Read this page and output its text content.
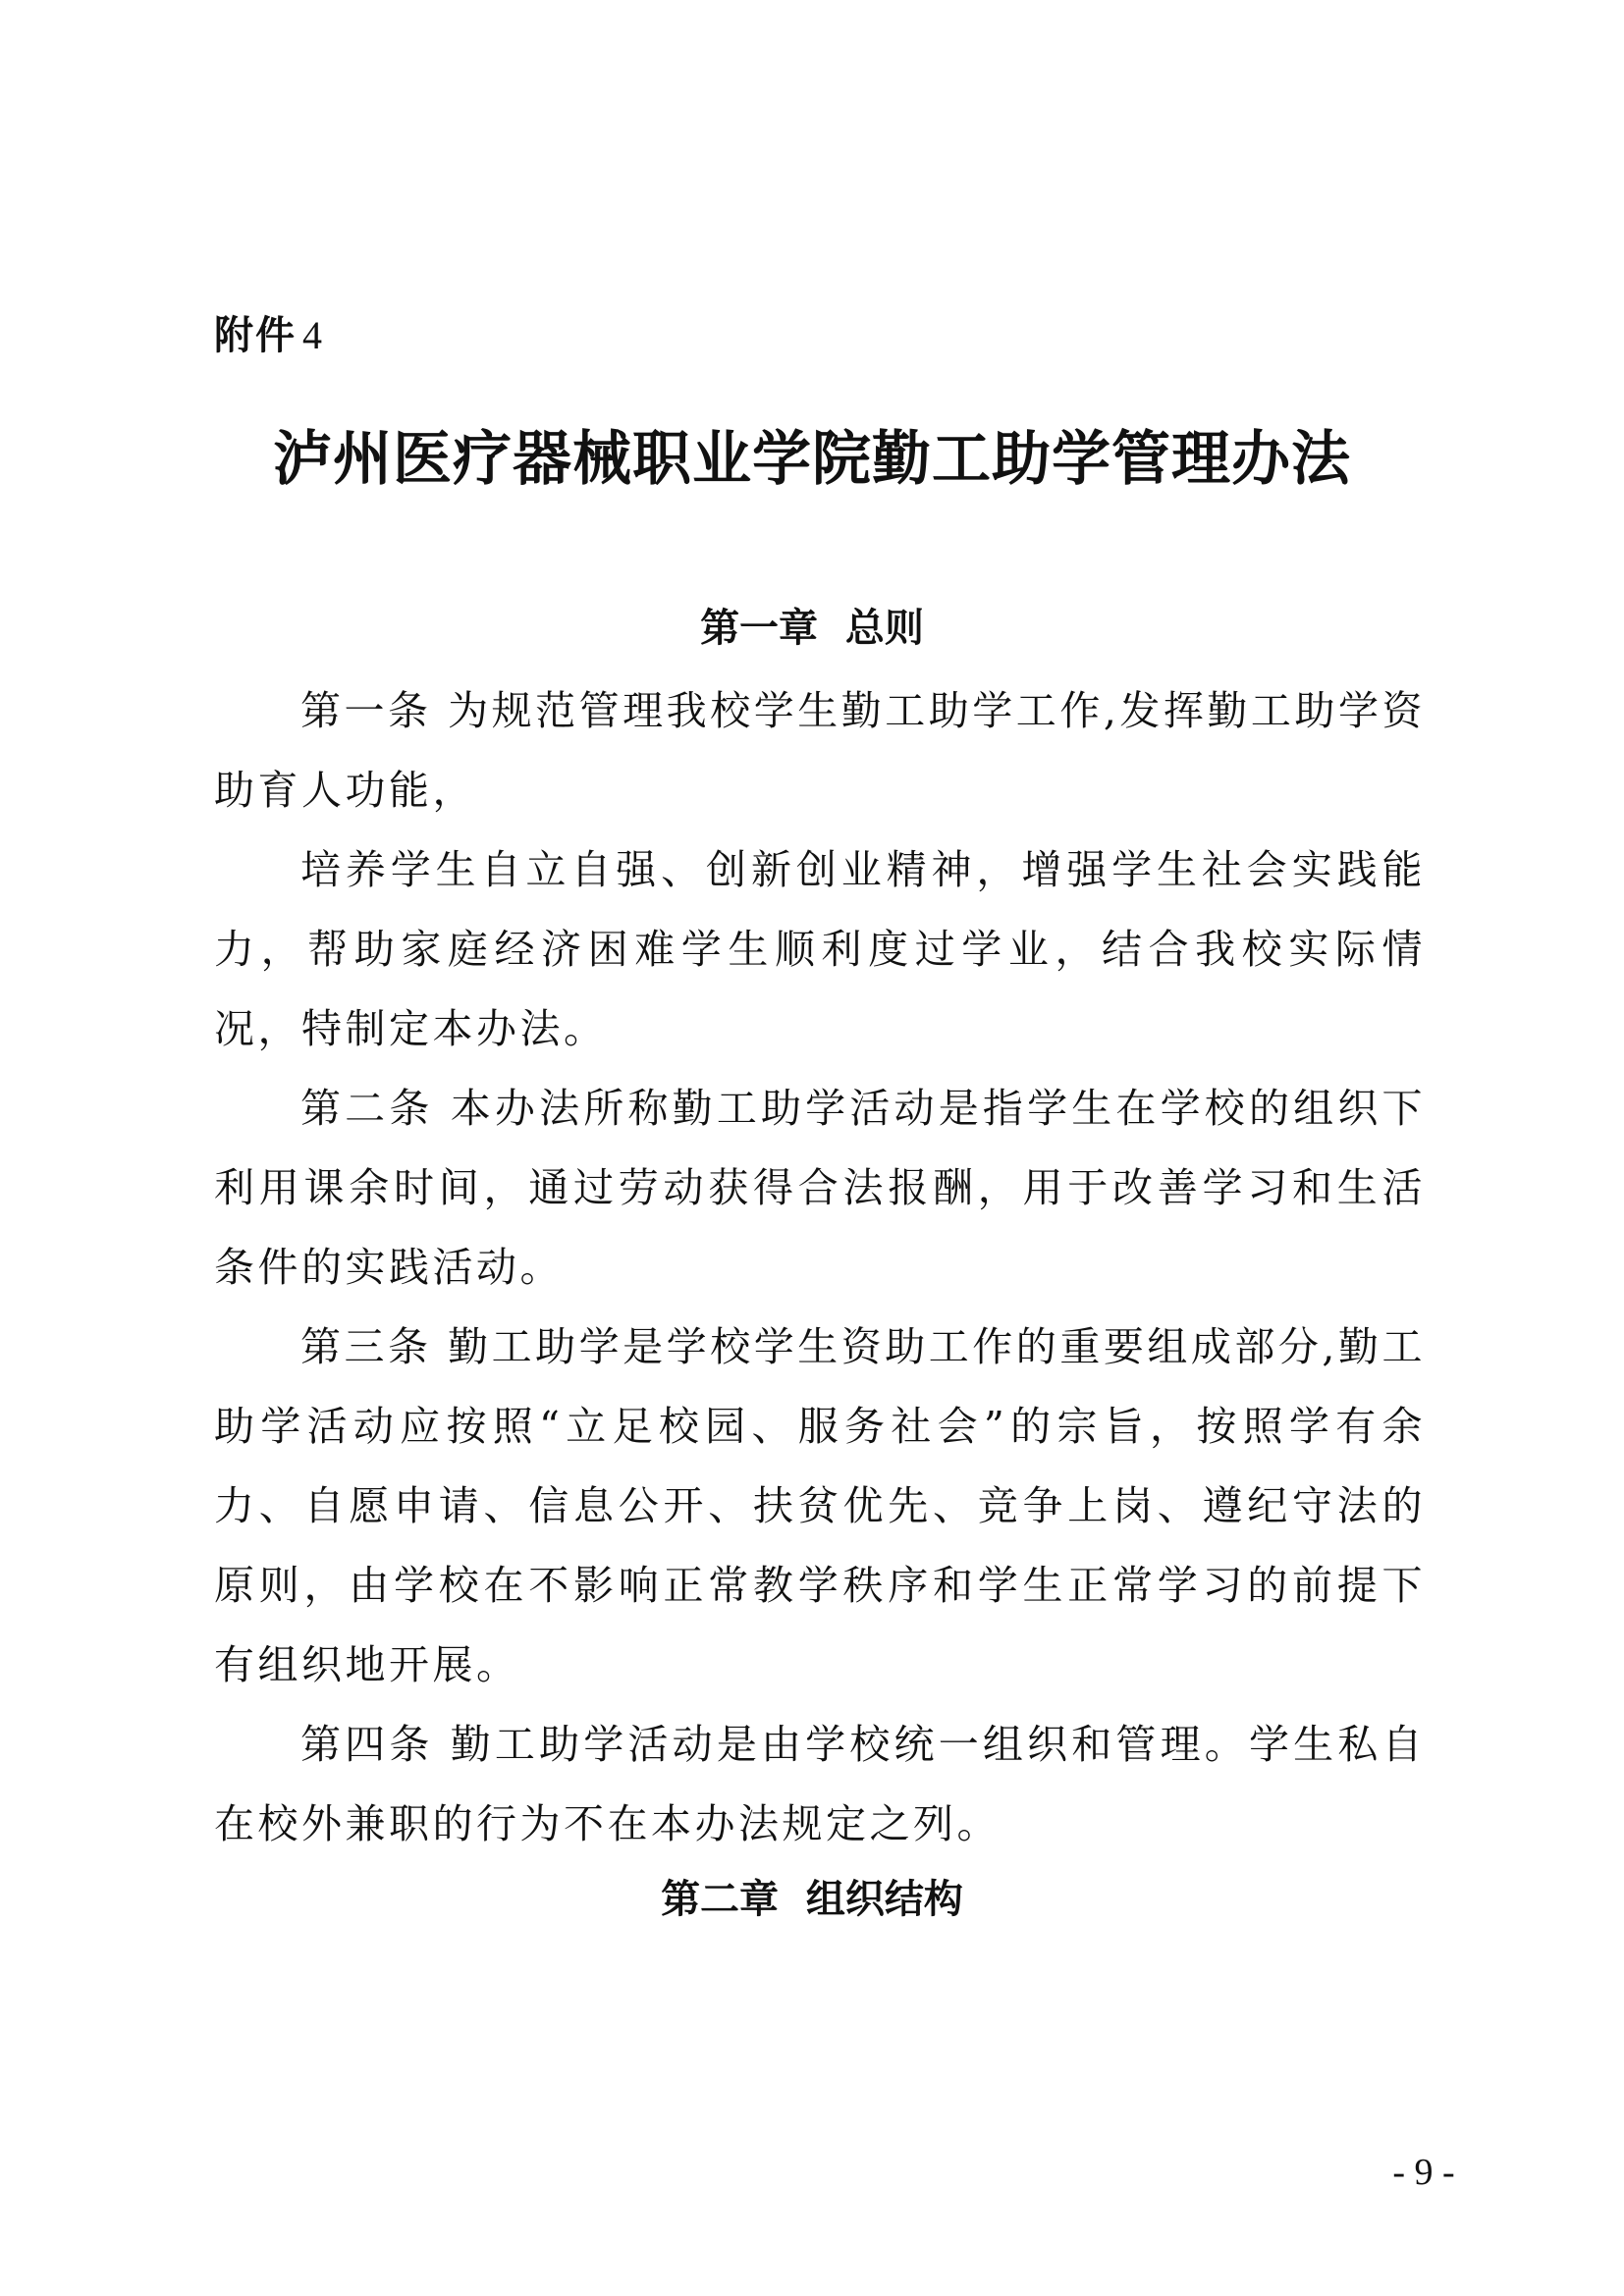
附件 4
泸州医疗器械职业学院勤工助学管理办法
第一章  总则

第一条 为规范管理我校学生勤工助学工作,发挥勤工助学资助育人功能，

培养学生自立自强、创新创业精神，增强学生社会实践能力，帮助家庭经济困难学生顺利度过学业，结合我校实际情况，特制定本办法。

第二条 本办法所称勤工助学活动是指学生在学校的组织下利用课余时间，通过劳动获得合法报酬，用于改善学习和生活条件的实践活动。

第三条 勤工助学是学校学生资助工作的重要组成部分,勤工助学活动应按照“立足校园、服务社会”的宗旨，按照学有余力、自愿申请、信息公开、扶贫优先、竞争上岗、遵纪守法的原则，由学校在不影响正常教学秩序和学生正常学习的前提下有组织地开展。

第四条 勤工助学活动是由学校统一组织和管理。学生私自在校外兼职的行为不在本办法规定之列。

第二章  组织结构
- 9 -
